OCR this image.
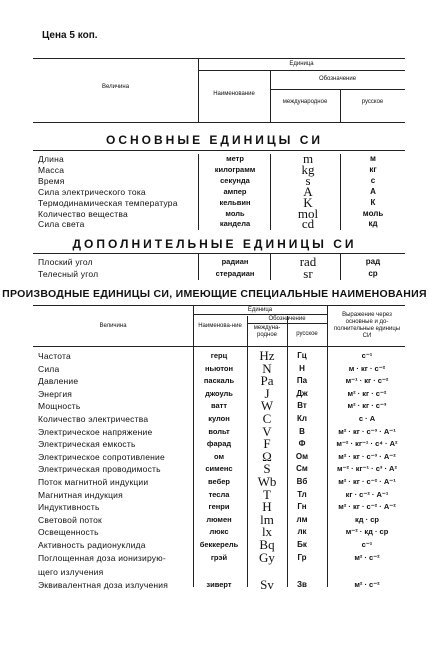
Цена 5 коп.
Величина
Единица
Наименование
Обозначение
международное	русское
ОСНОВНЫЕ ЕДИНИЦЫ СИ
Длина	метр	m	м
Масса	килограмм	kg	кг
Время	секунда	s	с
Сила электрического тока	ампер	A	А
Термодинамическая температура	кельвин	K	К
Количество вещества	моль	mol	моль
Сила света	кандела	cd	кд
ДОПОЛНИТЕЛЬНЫЕ ЕДИНИЦЫ СИ
Плоский угол	радиан	rad	рад
Телесный угол	стерадиан	sr	ср
ПРОИЗВОДНЫЕ ЕДИНИЦЫ СИ, ИМЕЮЩИЕ СПЕЦИАЛЬНЫЕ НАИМЕНОВАНИЯ
Величина
Единица
Наименова-ние
Обозначение
междуна-родное	русское
Выражение через основные и до-полнительные единицы СИ
Частота	герц	Hz	Гц	с⁻¹
Сила	ньютон	N	Н	м · кг · с⁻²
Давление	паскаль	Pa	Па	м⁻¹ · кг · с⁻²
Энергия	джоуль	J	Дж	м² · кг · с⁻²
Мощность	ватт	W	Вт	м² · кг · с⁻³
Количество электричества	кулон	C	Кл	с · А
Электрическое напряжение	вольт	V	В	м² · кг · с⁻³ · А⁻¹
Электрическая емкость	фарад	F	Ф	м⁻² · кг⁻¹ · с⁴ · А²
Электрическое сопротивление	ом	Ω	Ом	м² · кг · с⁻³ · А⁻²
Электрическая проводимость	сименс	S	См	м⁻² · кг⁻¹ · с³ · А²
Поток магнитной индукции	вебер	Wb	Вб	м² · кг · с⁻² · А⁻¹
Магнитная индукция	тесла	T	Тл	кг · с⁻² · А⁻¹
Индуктивность	генри	H	Гн	м² · кг · с⁻² · А⁻²
Световой поток	люмен	lm	лм	кд · ср
Освещенность	люкс	lx	лк	м⁻² · кд · ср
Активность радионуклида	беккерель	Bq	Бк	с⁻¹
Поглощенная доза ионизирую-	грэй	Gy	Гр	м² · с⁻²
щего излучения
Эквивалентная доза излучения	зиверт	Sv	Зв	м² · с⁻²
